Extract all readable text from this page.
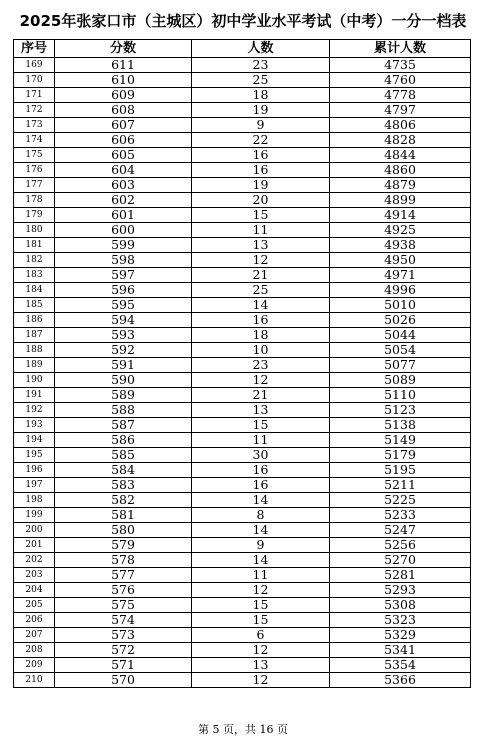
2025年张家口市（主城区）初中学业水平考试（中考）一分一档表
序号	分数	人数	累计人数
169	611	23	4735
170	610	25	4760
171	609	18	4778
172	608	19	4797
173	607	9	4806
174	606	22	4828
175	605	16	4844
176	604	16	4860
177	603	19	4879
178	602	20	4899
179	601	15	4914
180	600	11	4925
181	599	13	4938
182	598	12	4950
183	597	21	4971
184	596	25	4996
185	595	14	5010
186	594	16	5026
187	593	18	5044
188	592	10	5054
189	591	23	5077
190	590	12	5089
191	589	21	5110
192	588	13	5123
193	587	15	5138
194	586	11	5149
195	585	30	5179
196	584	16	5195
197	583	16	5211
198	582	14	5225
199	581	8	5233
200	580	14	5247
201	579	9	5256
202	578	14	5270
203	577	11	5281
204	576	12	5293
205	575	15	5308
206	574	15	5323
207	573	6	5329
208	572	12	5341
209	571	13	5354
210	570	12	5366
第 5 页，共 16 页
